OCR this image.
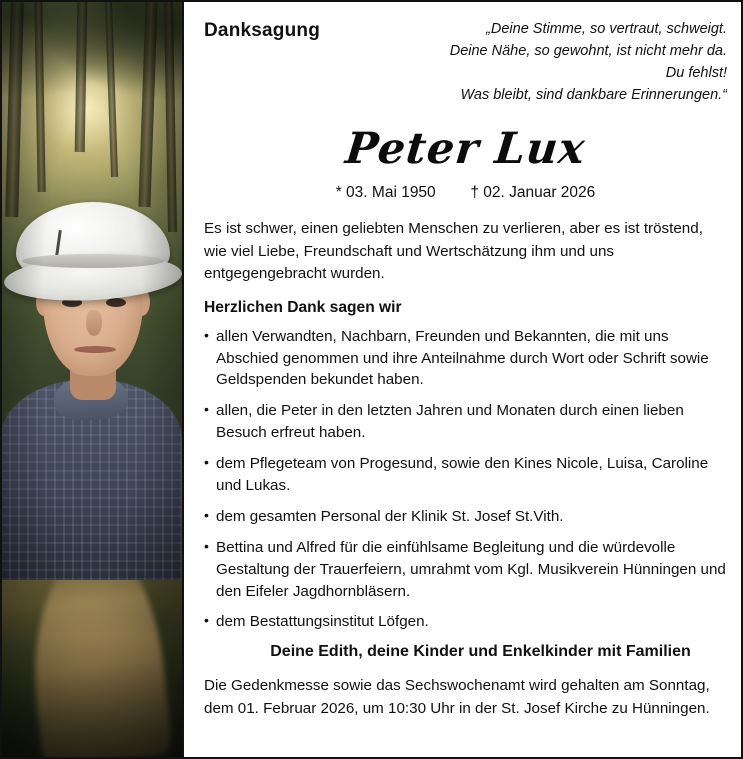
Danksagung	„Deine Stimme, so vertraut, schweigt.
Deine Nähe, so gewohnt, ist nicht mehr da.
Du fehlst!
Was bleibt, sind dankbare Erinnerungen.“
Peter Lux
* 03. Mai 1950 † 02. Januar 2026
Es ist schwer, einen geliebten Menschen zu verlieren, aber es ist tröstend, wie viel Liebe, Freundschaft und Wertschätzung ihm und uns entgegengebracht wurden.
Herzlichen Dank sagen wir
• allen Verwandten, Nachbarn, Freunden und Bekannten, die mit uns Abschied genommen und ihre Anteilnahme durch Wort oder Schrift sowie Geldspenden bekundet haben.
• allen, die Peter in den letzten Jahren und Monaten durch einen lieben Besuch erfreut haben.
• dem Pflegeteam von Progesund, sowie den Kines Nicole, Luisa, Caroline und Lukas.
• dem gesamten Personal der Klinik St. Josef St.Vith.
• Bettina und Alfred für die einfühlsame Begleitung und die würdevolle Gestaltung der Trauerfeiern, umrahmt vom Kgl. Musikverein Hünningen und den Eifeler Jagdhornbläsern.
• dem Bestattungsinstitut Löfgen.
Deine Edith, deine Kinder und Enkelkinder mit Familien
Die Gedenkmesse sowie das Sechswochenamt wird gehalten am Sonntag, dem 01. Februar 2026, um 10:30 Uhr in der St. Josef Kirche zu Hünningen.
